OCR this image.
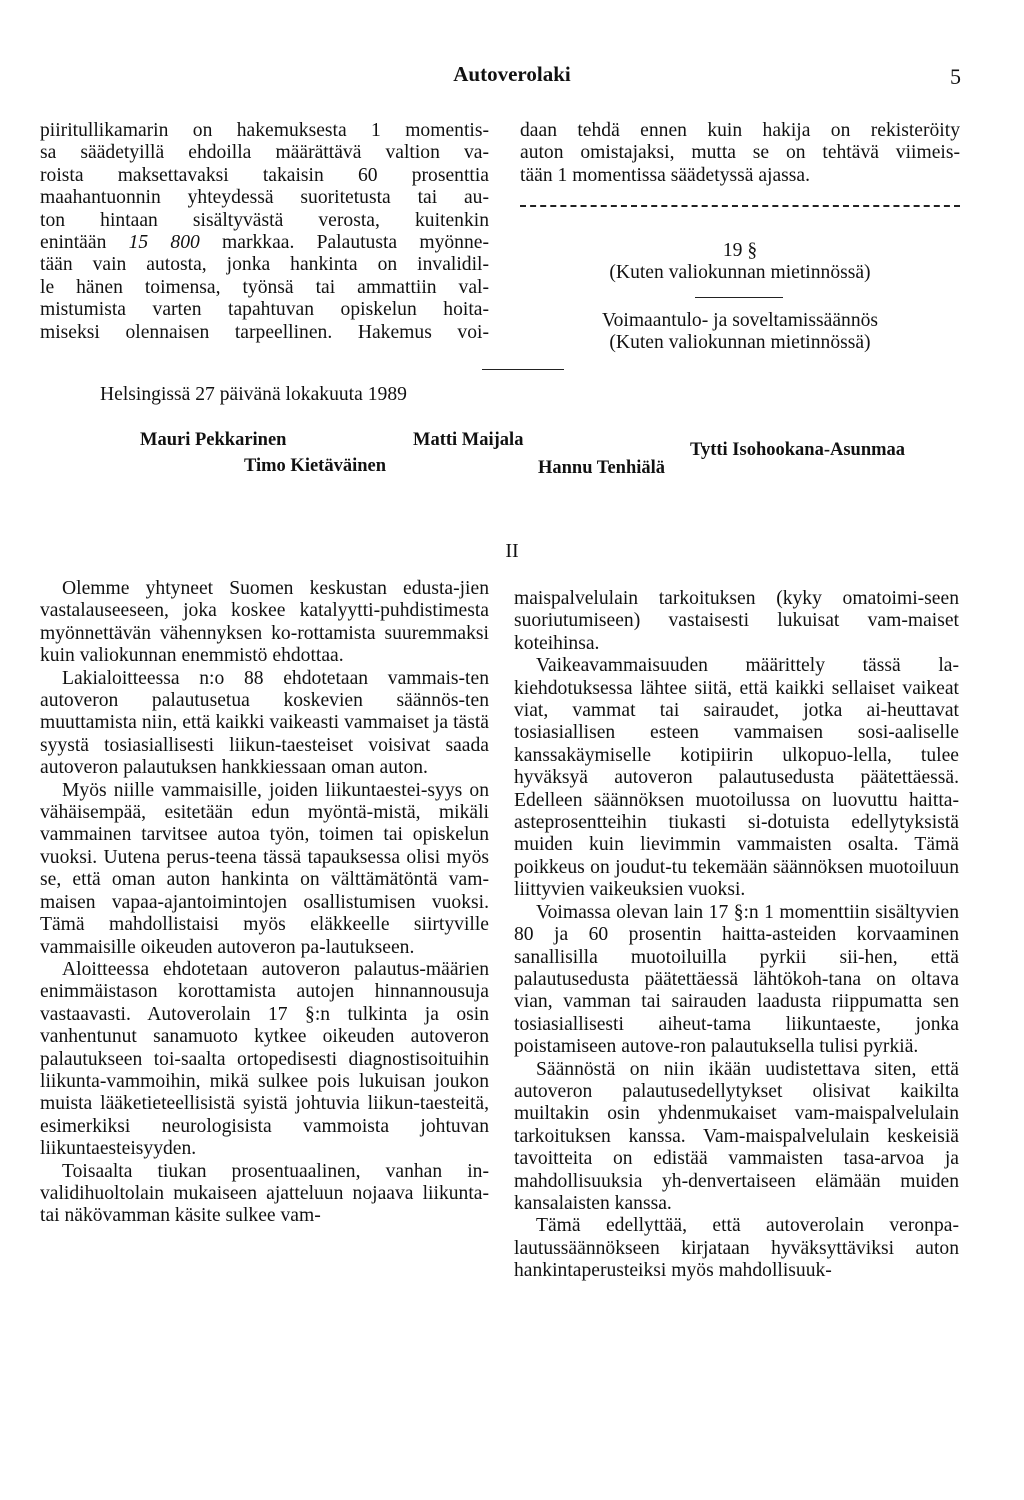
Autoverolaki	5
piiritullikamarin on hakemuksesta 1 momentis-
sa säädetyillä ehdoilla määrättävä valtion va-
roista maksettavaksi takaisin 60 prosenttia
maahantuonnin yhteydessä suoritetusta tai au-
ton hintaan sisältyvästä verosta, kuitenkin
enintään 15 800 markkaa. Palautusta myönne-
tään vain autosta, jonka hankinta on invalidil-
le hänen toimensa, työnsä tai ammattiin val-
mistumista varten tapahtuvan opiskelun hoita-
miseksi olennaisen tarpeellinen. Hakemus voi-
daan tehdä ennen kuin hakija on rekisteröity
auton omistajaksi, mutta se on tehtävä viimeis-
tään 1 momentissa säädetyssä ajassa.
19 §
(Kuten valiokunnan mietinnössä)
Voimaantulo- ja soveltamissäännös
(Kuten valiokunnan mietinnössä)
Helsingissä 27 päivänä lokakuuta 1989
Mauri Pekkarinen	Matti Maijala	Tytti Isohookana-Asunmaa
Timo Kietäväinen	Hannu Tenhiälä
II

Olemme yhtyneet Suomen keskustan edusta-jien vastalauseeseen, joka koskee katalyytti-puhdistimesta myönnettävän vähennyksen ko-rottamista suuremmaksi kuin valiokunnan enemmistö ehdottaa.

Lakialoitteessa n:o 88 ehdotetaan vammais-ten autoveron palautusetua koskevien säännös-ten muuttamista niin, että kaikki vaikeasti vammaiset ja tästä syystä tosiasiallisesti liikun-taesteiset voisivat saada autoveron palautuksen hankkiessaan oman auton.

Myös niille vammaisille, joiden liikuntaestei-syys on vähäisempää, esitetään edun myöntä-mistä, mikäli vammainen tarvitsee autoa työn, toimen tai opiskelun vuoksi. Uutena perus-teena tässä tapauksessa olisi myös se, että oman auton hankinta on välttämätöntä vam-maisen vapaa-ajantoimintojen osallistumisen vuoksi. Tämä mahdollistaisi myös eläkkeelle siirtyville vammaisille oikeuden autoveron pa-lautukseen.

Aloitteessa ehdotetaan autoveron palautus-määrien enimmäistason korottamista autojen hinnannousuja vastaavasti. Autoverolain 17 §:n tulkinta ja osin vanhentunut sanamuoto kytkee oikeuden autoveron palautukseen toi-saalta ortopedisesti diagnostisoituihin liikunta-vammoihin, mikä sulkee pois lukuisan joukon muista lääketieteellisistä syistä johtuvia liikun-taesteitä, esimerkiksi neurologisista vammoista johtuvan liikuntaesteisyyden.

Toisaalta tiukan prosentuaalinen, vanhan in-validihuoltolain mukaiseen ajatteluun nojaava liikunta- tai näkövamman käsite sulkee vam-

maispalvelulain tarkoituksen (kyky omatoimi-seen suoriutumiseen) vastaisesti lukuisat vam-maiset koteihinsa.

Vaikeavammaisuuden määrittely tässä la-kiehdotuksessa lähtee siitä, että kaikki sellaiset vaikeat viat, vammat tai sairaudet, jotka ai-heuttavat tosiasiallisen esteen vammaisen sosi-aaliselle kanssakäymiselle kotipiirin ulkopuo-lella, tulee hyväksyä autoveron palautusedusta päätettäessä. Edelleen säännöksen muotoilussa on luovuttu haitta-asteprosentteihin tiukasti si-dotuista edellytyksistä muiden kuin lievimmin vammaisten osalta. Tämä poikkeus on joudut-tu tekemään säännöksen muotoiluun liittyvien vaikeuksien vuoksi.

Voimassa olevan lain 17 §:n 1 momenttiin sisältyvien 80 ja 60 prosentin haitta-asteiden korvaaminen sanallisilla muotoiluilla pyrkii sii-hen, että palautusedusta päätettäessä lähtökoh-tana on oltava vian, vamman tai sairauden laadusta riippumatta sen tosiasiallisesti aiheut-tama liikuntaeste, jonka poistamiseen autove-ron palautuksella tulisi pyrkiä.

Säännöstä on niin ikään uudistettava siten, että autoveron palautusedellytykset olisivat kaikilta muiltakin osin yhdenmukaiset vam-maispalvelulain tarkoituksen kanssa. Vam-maispalvelulain keskeisiä tavoitteita on edistää vammaisten tasa-arvoa ja mahdollisuuksia yh-denvertaiseen elämään muiden kansalaisten kanssa.

Tämä edellyttää, että autoverolain veronpa-lautussäännökseen kirjataan hyväksyttäviksi auton hankintaperusteiksi myös mahdollisuuk-
